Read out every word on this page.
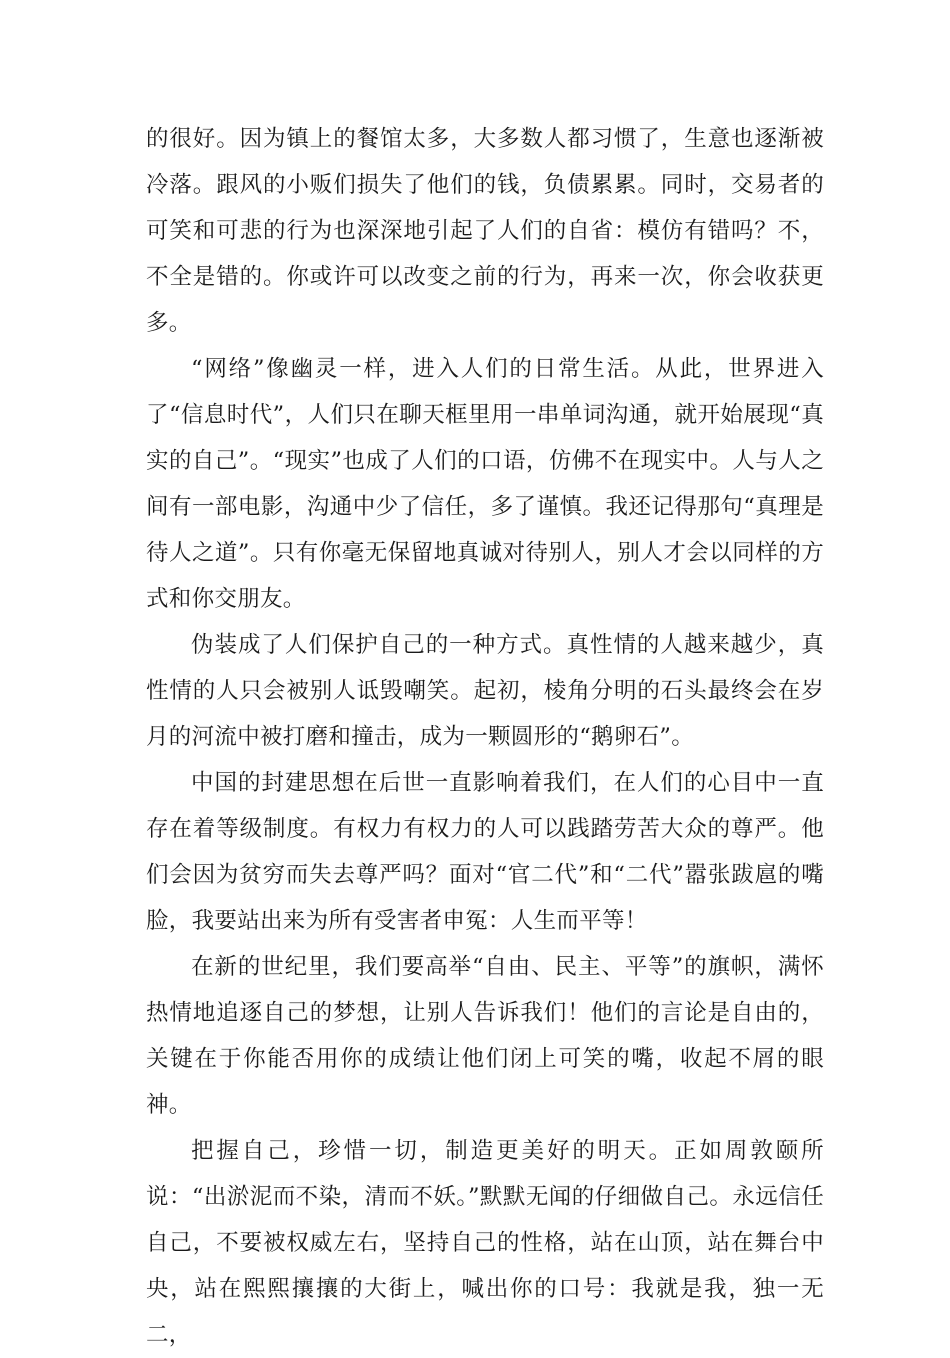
的很好。因为镇上的餐馆太多，大多数人都习惯了，生意也逐渐被冷落。跟风的小贩们损失了他们的钱，负债累累。同时，交易者的可笑和可悲的行为也深深地引起了人们的自省：模仿有错吗？不，不全是错的。你或许可以改变之前的行为，再来一次，你会收获更多。

“网络”像幽灵一样，进入人们的日常生活。从此，世界进入了“信息时代”，人们只在聊天框里用一串单词沟通，就开始展现“真实的自己”。“现实”也成了人们的口语，仿佛不在现实中。人与人之间有一部电影，沟通中少了信任，多了谨慎。我还记得那句“真理是待人之道”。只有你毫无保留地真诚对待别人，别人才会以同样的方式和你交朋友。

伪装成了人们保护自己的一种方式。真性情的人越来越少，真性情的人只会被别人诋毁嘲笑。起初，棱角分明的石头最终会在岁月的河流中被打磨和撞击，成为一颗圆形的“鹅卵石”。

中国的封建思想在后世一直影响着我们，在人们的心目中一直存在着等级制度。有权力有权力的人可以践踏劳苦大众的尊严。他们会因为贫穷而失去尊严吗？面对“官二代”和“二代”嚣张跋扈的嘴脸，我要站出来为所有受害者申冤：人生而平等！

在新的世纪里，我们要高举“自由、民主、平等”的旗帜，满怀热情地追逐自己的梦想，让别人告诉我们！他们的言论是自由的，关键在于你能否用你的成绩让他们闭上可笑的嘴，收起不屑的眼神。

把握自己，珍惜一切，制造更美好的明天。正如周敦颐所说：“出淤泥而不染，清而不妖。”默默无闻的仔细做自己。永远信任自己，不要被权威左右，坚持自己的性格，站在山顶，站在舞台中央，站在熙熙攘攘的大街上，喊出你的口号：我就是我，独一无二，
